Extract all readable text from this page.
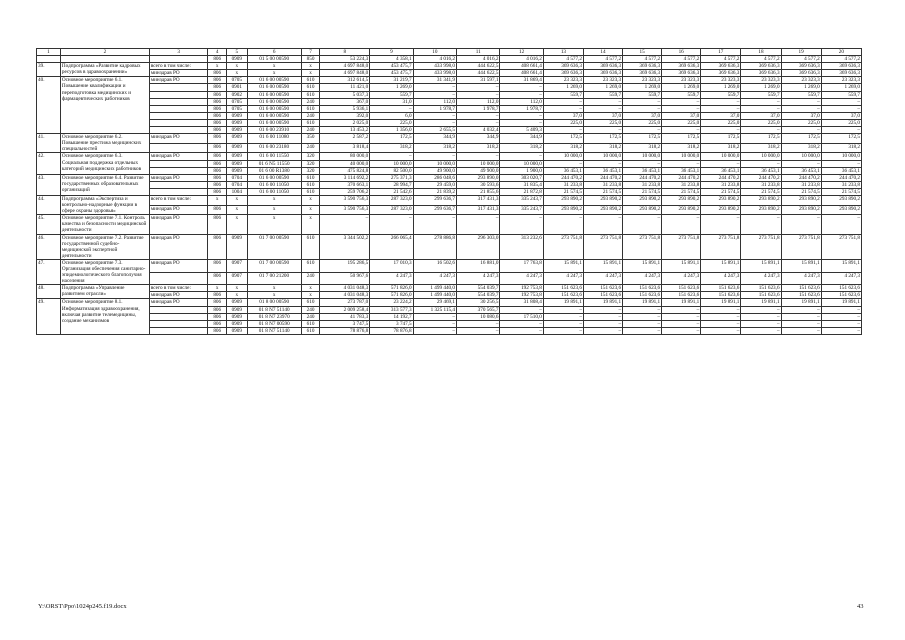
1	2	3	4	5	6	7	8	9	10	11	12	13	14	15	16	17	18	19	20
			806	0909	01 5 00 00590	850	53 224,3	4 358,1	4 016,2	4 016,2	4 016,2	4 577,2	4 577,2	4 577,2	4 577,2	4 577,2	4 577,2	4 577,2	4 577,2
39.	Подпрограмма «Развитие кадровых ресурсов в здравоохранении»	всего в том числе:	х	х	х	х	4 697 848,0	453 475,7	433 998,0	444 622,5	408 661,4	369 636,3	369 636,3	369 636,3	369 636,3	369 636,3	369 636,3	369 636,3	369 636,3
		минздрав РО	806	х	х	х	4 697 848,0	453 475,7	433 998,0	444 622,5	408 661,4	369 636,3	369 636,3	369 636,3	369 636,3	369 636,3	369 636,3	369 636,3	369 636,3
40.	Основное мероприятие 6.1. Повышение квалификации и переподготовка медицинских и фармацевтических работников	минздрав РО	806	0705	01 6 00 00590	610	312 614,5	31 219,7	31 341,9	31 597,1	31 869,4	23 323,3	23 323,3	23 323,3	23 323,3	23 323,3	23 323,3	23 323,3	23 323,3
			806	0901	01 6 00 00590	610	11 421,0	1 269,0	–	–	–	1 269,0	1 269,0	1 269,0	1 269,0	1 269,0	1 269,0	1 269,0	1 269,0
			806	0902	01 6 00 00590	610	5 037,3	559,7	–	–	–	559,7	559,7	559,7	559,7	559,7	559,7	559,7	559,7
			806	0705	01 6 00 00590	240	367,0	31,0	112,0	112,0	112,0	–	–	–	–	–	–	–	–
			806	0705	01 6 00 00590	610	5 936,1	–	1 978,7	1 978,7	1 978,7	–	–	–	–	–	–	–	–
			806	0909	01 6 00 00590	240	392,0	6,0	–	–	–	37,0	37,0	37,0	37,0	37,0	37,0	37,0	37,0
			806	0909	01 6 00 00590	610	2 025,0	225,0	–	–	–	225,0	225,0	225,0	225,0	225,0	225,0	225,0	225,0
			806	0909	01 6 00 23910	240	13 453,2	1 356,0	2 655,5	4 032,4	5 409,3	–	–	–	–	–	–	–	–
41.	Основное мероприятие 6.2. Повышение престижа медицинских специальностей	минздрав РО	806	0909	01 6 00 11080	350	2 587,2	172,5	344,9	344,9	344,9	172,5	172,5	172,5	172,5	172,5	172,5	172,5	172,5
			806	0909	01 6 00 23180	240	3 818,4	318,2	318,2	318,2	318,2	318,2	318,2	318,2	318,2	318,2	318,2	318,2	318,2
42.	Основное мероприятие 6.3. Социальная поддержка отдельных категорий медицинских работников	минздрав РО	806	0909	01 6 00 11550	320	80 000,0	–	–	–	–	10 000,0	10 000,0	10 000,0	10 000,0	10 000,0	10 000,0	10 000,0	10 000,0
			806	0909	01 6 N5 11550	320	40 000,0	10 000,0	10 000,0	10 000,0	10 000,0	–	–	–	–	–	–	–	–
			806	0909	01 6 00 R1380	320	475 824,8	82 500,0	49 900,0	49 900,0	1 900,0	36 453,1	36 453,1	36 453,1	36 453,1	36 453,1	36 453,1	36 453,1	36 453,1
43.	Основное мероприятие 6.4. Развитие государственных образовательных организаций	минздрав РО	806	0704	01 6 00 00590	610	3 114 692,2	275 371,3	286 048,6	293 890,0	303 020,7	244 470,2	244 470,2	244 470,2	244 470,2	244 470,2	244 470,2	244 470,2	244 470,2
			806	0704	01 6 00 11050	610	370 663,1	28 994,7	29 459,0	30 593,6	31 835,4	31 233,8	31 233,8	31 233,8	31 233,8	31 233,8	31 233,8	31 233,8	31 233,8
			806	1004	01 6 00 11050	610	259 706,2	21 542,6	21 839,2	21 855,6	21 872,8	21 574,5	21 574,5	21 574,5	21 574,5	21 574,5	21 574,5	21 574,5	21 574,5
44.	Подпрограмма «Экспертиза и контрольно-надзорные функции в сфере охраны здоровья»	всего в том числе:	х	х	х	х	3 590 756,3	287 323,0	299 636,7	317 431,3	335 243,7	293 890,2	293 890,2	293 890,2	293 890,2	293 890,2	293 890,2	293 890,2	293 890,2
		минздрав РО	806	х	х	х	3 590 756,3	287 323,0	299 636,7	317 431,3	335 243,7	293 890,2	293 890,2	293 890,2	293 890,2	293 890,2	293 890,2	293 890,2	293 890,2
45.	Основное мероприятие 7.1. Контроль качества и безопасности медицинской деятельности	минздрав РО	806	х	х	х	–	–	–	–	–	–	–	–	–	–	–	–	–
46.	Основное мероприятие 7.2. Развитие государственной судебно-медицинской экспертной деятельности	минздрав РО	806	0909	01 7 00 00590	610	3 344 502,2	266 065,4	278 886,8	296 303,0	313 232,6	273 751,8	273 751,8	273 751,8	273 751,8	273 751,8	273 751,8	273 751,8	273 751,8
47.	Основное мероприятие 7.3. Организация обеспечения санитарно-эпидемиологического благополучия населения	минздрав РО	806	0907	01 7 00 00590	610	195 286,5	17 010,3	16 502,6	16 881,0	17 763,8	15 891,1	15 891,1	15 891,1	15 891,1	15 891,1	15 891,1	15 891,1	15 891,1
			806	0907	01 7 00 21200	240	50 967,6	4 247,3	4 247,3	4 247,3	4 247,3	4 247,3	4 247,3	4 247,3	4 247,3	4 247,3	4 247,3	4 247,3	4 247,3
48.	Подпрограмма «Управление развитием отрасли»	всего в том числе:	х	х	х	х	4 031 048,3	571 826,0	1 499 440,0	554 039,7	192 753,8	151 623,6	151 623,6	151 623,6	151 623,6	151 623,6	151 623,6	151 623,6	151 623,6
		минздрав РО	806	х	х	х	4 031 048,3	571 826,0	1 499 440,0	554 039,7	192 753,8	151 623,6	151 623,6	151 623,6	151 623,6	151 623,6	151 623,6	151 623,6	151 623,6
49.	Основное мероприятие 8.1. Информатизация здравоохранения, включая развитие телемедицины, создание механизмов	минздрав РО	806	0909	01 8 00 00590	610	273 787,0	23 224,2	29 469,1	30 256,5	31 808,4	19 891,1	19 891,1	19 891,1	19 891,1	19 891,1	19 891,1	19 891,1	19 891,1
			806	0909	01 8 N7 51140	240	2 009 258,4	313 577,3	1 325 115,4	370 565,7	–	–	–	–	–	–	–	–	–
			806	0909	01 8 N7 23970	240	41 783,3	14 192,7	–	10 080,6	17 510,0	–	–	–	–	–	–	–	–
			806	0909	01 8 N7 00590	610	3 747,5	3 747,5	–	–	–	–	–	–	–	–	–	–	–
			806	0909	01 8 N7 51140	610	78 876,8	78 876,8	–	–	–	–	–	–	–	–	–	–	–
Y:\ORST\Ppo\1024p245.f19.docx	43
